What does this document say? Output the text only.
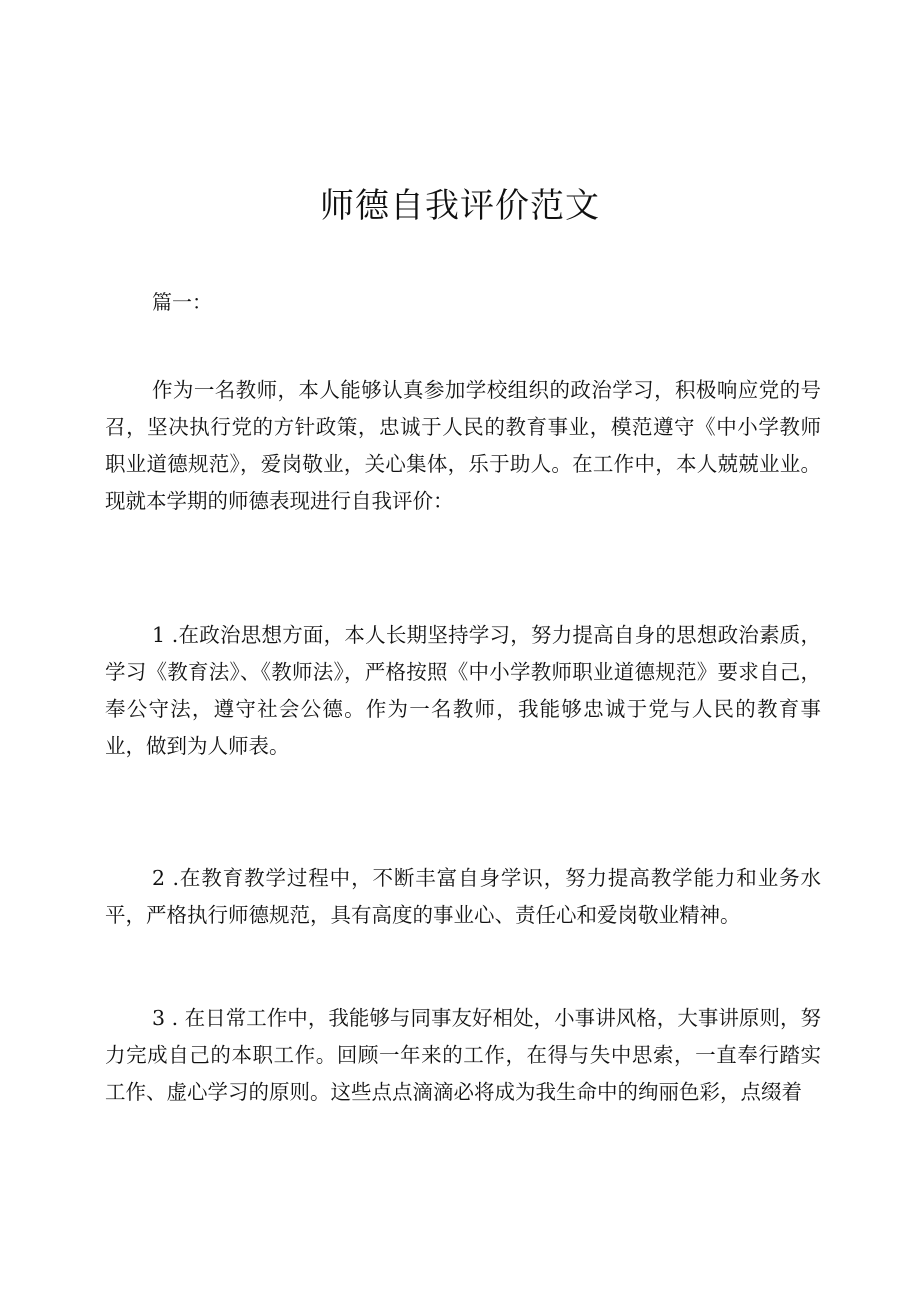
师德自我评价范文

篇一：

作为一名教师，本人能够认真参加学校组织的政治学习，积极响应党的号召，坚决执行党的方针政策，忠诚于人民的教育事业，模范遵守《中小学教师职业道德规范》，爱岗敬业，关心集体，乐于助人。在工作中，本人兢兢业业。现就本学期的师德表现进行自我评价：

1 .在政治思想方面，本人长期坚持学习，努力提高自身的思想政治素质，学习《教育法》、《教师法》，严格按照《中小学教师职业道德规范》要求自己，奉公守法，遵守社会公德。作为一名教师，我能够忠诚于党与人民的教育事业，做到为人师表。

2 .在教育教学过程中，不断丰富自身学识，努力提高教学能力和业务水平，严格执行师德规范，具有高度的事业心、责任心和爱岗敬业精神。

3 . 在日常工作中，我能够与同事友好相处，小事讲风格，大事讲原则，努力完成自己的本职工作。回顾一年来的工作，在得与失中思索，一直奉行踏实工作、虚心学习的原则。这些点点滴滴必将成为我生命中的绚丽色彩，点缀着
